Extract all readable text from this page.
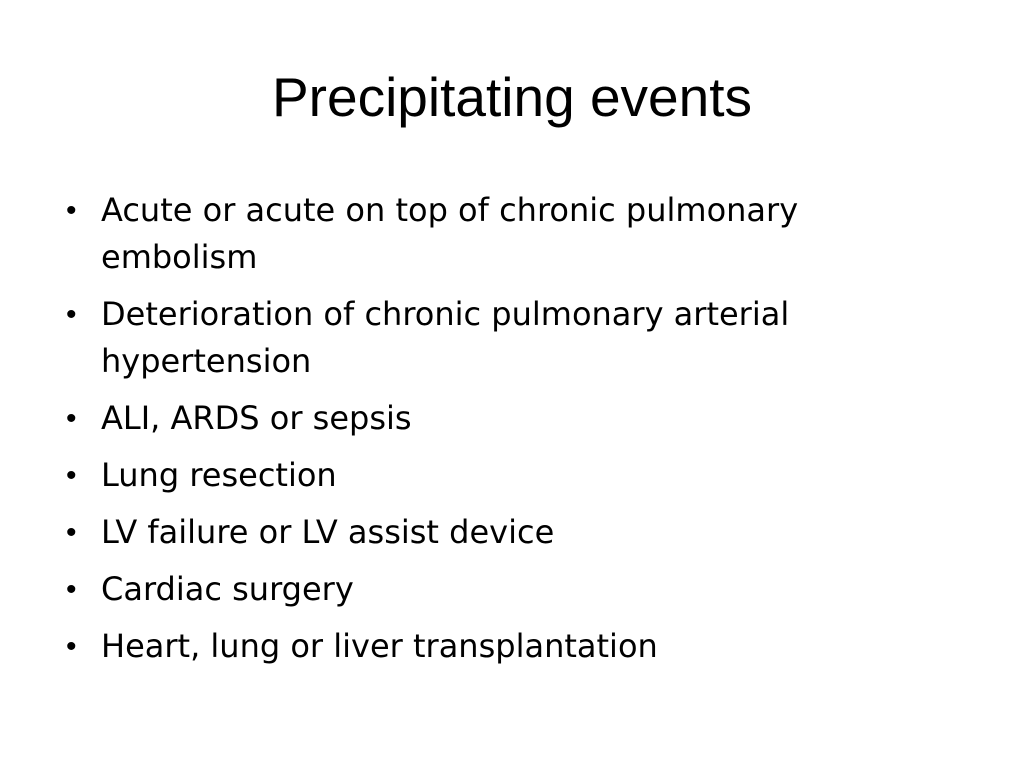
Precipitating events
• Acute or acute on top of chronic pulmonary embolism
• Deterioration of chronic pulmonary arterial hypertension
• ALI, ARDS or sepsis
• Lung resection
• LV failure or LV assist device
• Cardiac surgery
• Heart, lung or liver transplantation
